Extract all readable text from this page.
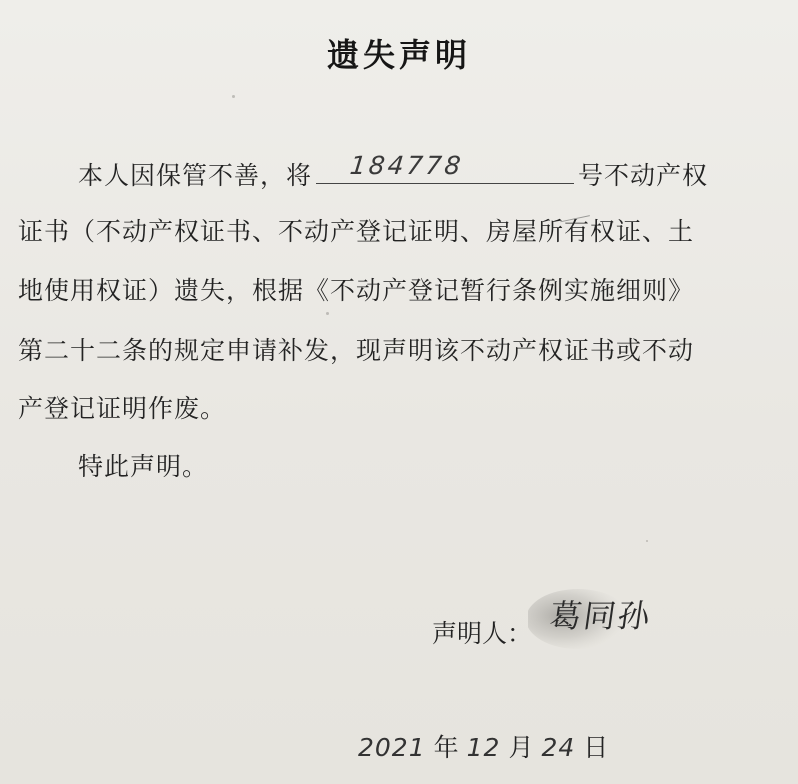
遗失声明
本人因保管不善，将 184778	号不动产权
证书（不动产权证书、不动产登记证明、房屋所有权证、土
地使用权证）遗失，根据《不动产登记暂行条例实施细则》
第二十二条的规定申请补发，现声明该不动产权证书或不动
产登记证明作废。
特此声明。
声明人： 葛同孙
2021 年 12 月 24 日
